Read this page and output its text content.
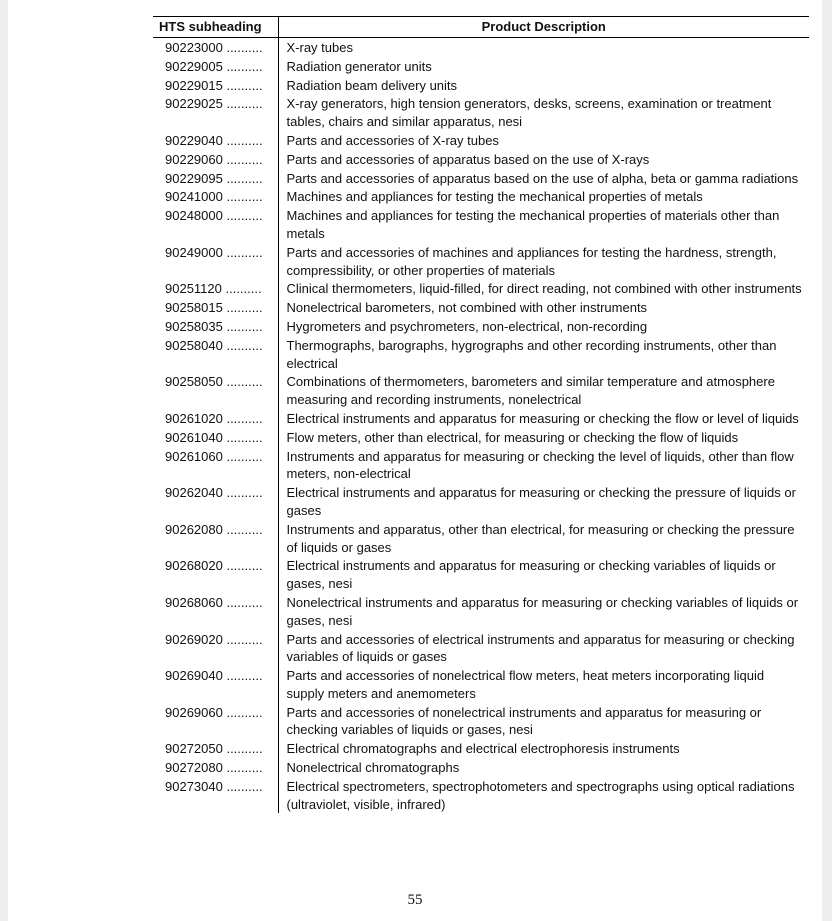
HTS subheading	Product Description
90223000 ..........	X-ray tubes
90229005 ..........	Radiation generator units
90229015 ..........	Radiation beam delivery units
90229025 ..........	X-ray generators, high tension generators, desks, screens, examination or treatment tables, chairs and similar apparatus, nesi
90229040 ..........	Parts and accessories of X-ray tubes
90229060 ..........	Parts and accessories of apparatus based on the use of X-rays
90229095 ..........	Parts and accessories of apparatus based on the use of alpha, beta or gamma radiations
90241000 ..........	Machines and appliances for testing the mechanical properties of metals
90248000 ..........	Machines and appliances for testing the mechanical properties of materials other than metals
90249000 ..........	Parts and accessories of machines and appliances for testing the hardness, strength, compressibility, or other properties of materials
90251120 ..........	Clinical thermometers, liquid-filled, for direct reading, not combined with other instruments
90258015 ..........	Nonelectrical barometers, not combined with other instruments
90258035 ..........	Hygrometers and psychrometers, non-electrical, non-recording
90258040 ..........	Thermographs, barographs, hygrographs and other recording instruments, other than electrical
90258050 ..........	Combinations of thermometers, barometers and similar temperature and atmosphere measuring and recording instruments, nonelectrical
90261020 ..........	Electrical instruments and apparatus for measuring or checking the flow or level of liquids
90261040 ..........	Flow meters, other than electrical, for measuring or checking the flow of liquids
90261060 ..........	Instruments and apparatus for measuring or checking the level of liquids, other than flow meters, non-electrical
90262040 ..........	Electrical instruments and apparatus for measuring or checking the pressure of liquids or gases
90262080 ..........	Instruments and apparatus, other than electrical, for measuring or checking the pressure of liquids or gases
90268020 ..........	Electrical instruments and apparatus for measuring or checking variables of liquids or gases, nesi
90268060 ..........	Nonelectrical instruments and apparatus for measuring or checking variables of liquids or gases, nesi
90269020 ..........	Parts and accessories of electrical instruments and apparatus for measuring or checking variables of liquids or gases
90269040 ..........	Parts and accessories of nonelectrical flow meters, heat meters incorporating liquid supply meters and anemometers
90269060 ..........	Parts and accessories of nonelectrical instruments and apparatus for measuring or checking variables of liquids or gases, nesi
90272050 ..........	Electrical chromatographs and electrical electrophoresis instruments
90272080 ..........	Nonelectrical chromatographs
90273040 ..........	Electrical spectrometers, spectrophotometers and spectrographs using optical radiations (ultraviolet, visible, infrared)
55
